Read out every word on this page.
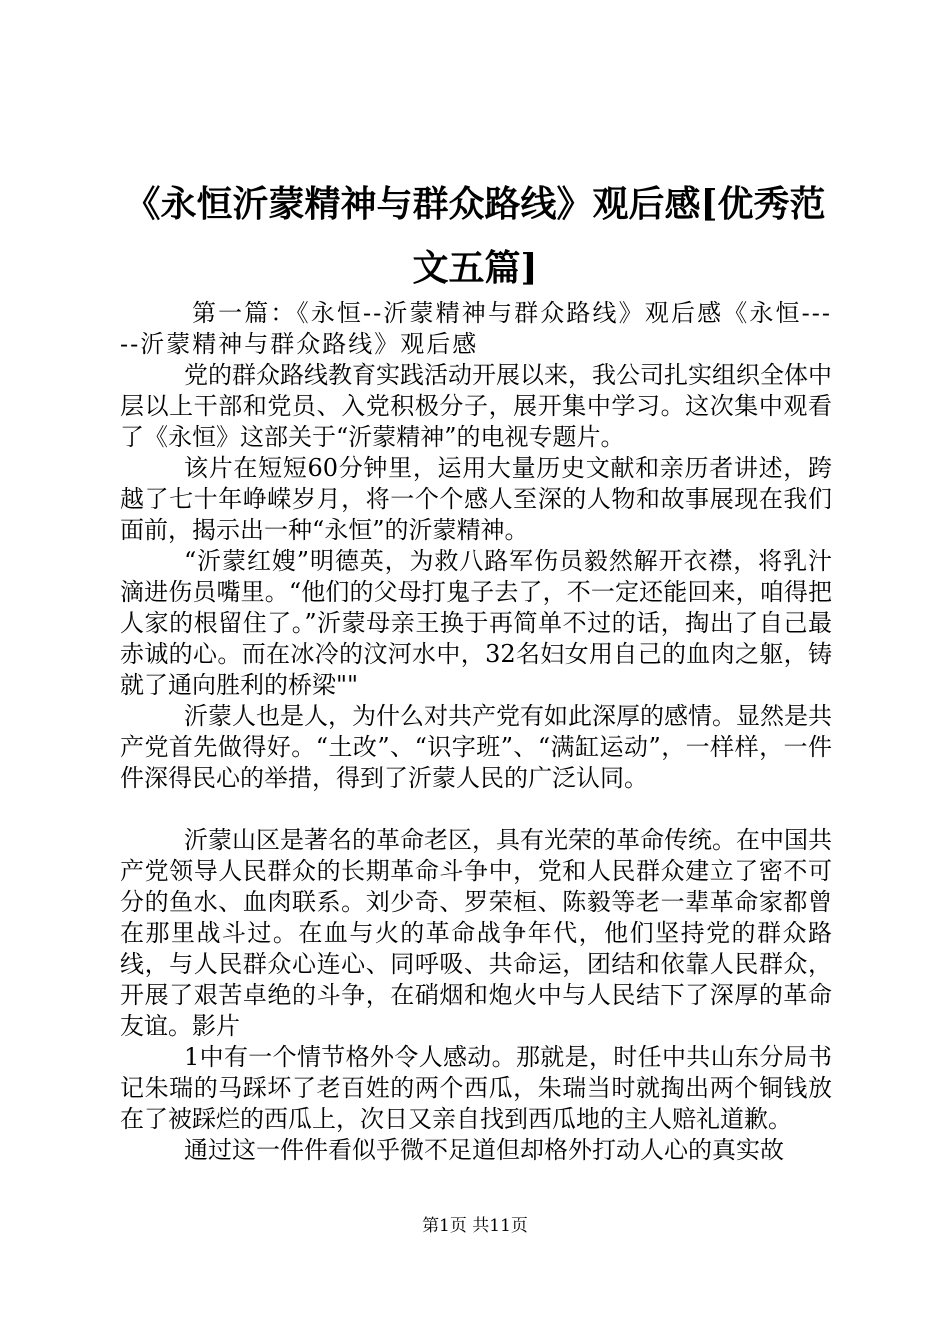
《永恒沂蒙精神与群众路线》观后感[优秀范
文五篇]

第一篇：《永恒--沂蒙精神与群众路线》观后感《永恒-----沂蒙精神与群众路线》观后感

党的群众路线教育实践活动开展以来，我公司扎实组织全体中层以上干部和党员、入党积极分子，展开集中学习。这次集中观看了《永恒》这部关于“沂蒙精神”的电视专题片。

该片在短短60分钟里，运用大量历史文献和亲历者讲述，跨越了七十年峥嵘岁月，将一个个感人至深的人物和故事展现在我们面前，揭示出一种“永恒”的沂蒙精神。

“沂蒙红嫂”明德英，为救八路军伤员毅然解开衣襟，将乳汁滴进伤员嘴里。“他们的父母打鬼子去了，不一定还能回来，咱得把人家的根留住了。”沂蒙母亲王换于再简单不过的话，掏出了自己最赤诚的心。而在冰冷的汶河水中，32名妇女用自己的血肉之躯，铸就了通向胜利的桥梁""

沂蒙人也是人，为什么对共产党有如此深厚的感情。显然是共产党首先做得好。“土改”、“识字班”、“满缸运动”，一样样，一件件深得民心的举措，得到了沂蒙人民的广泛认同。

沂蒙山区是著名的革命老区，具有光荣的革命传统。在中国共产党领导人民群众的长期革命斗争中，党和人民群众建立了密不可分的鱼水、血肉联系。刘少奇、罗荣桓、陈毅等老一辈革命家都曾在那里战斗过。在血与火的革命战争年代，他们坚持党的群众路线，与人民群众心连心、同呼吸、共命运，团结和依靠人民群众，开展了艰苦卓绝的斗争，在硝烟和炮火中与人民结下了深厚的革命友谊。影片

1中有一个情节格外令人感动。那就是，时任中共山东分局书记朱瑞的马踩坏了老百姓的两个西瓜，朱瑞当时就掏出两个铜钱放在了被踩烂的西瓜上，次日又亲自找到西瓜地的主人赔礼道歉。

通过这一件件看似乎微不足道但却格外打动人心的真实故

第1页 共11页
